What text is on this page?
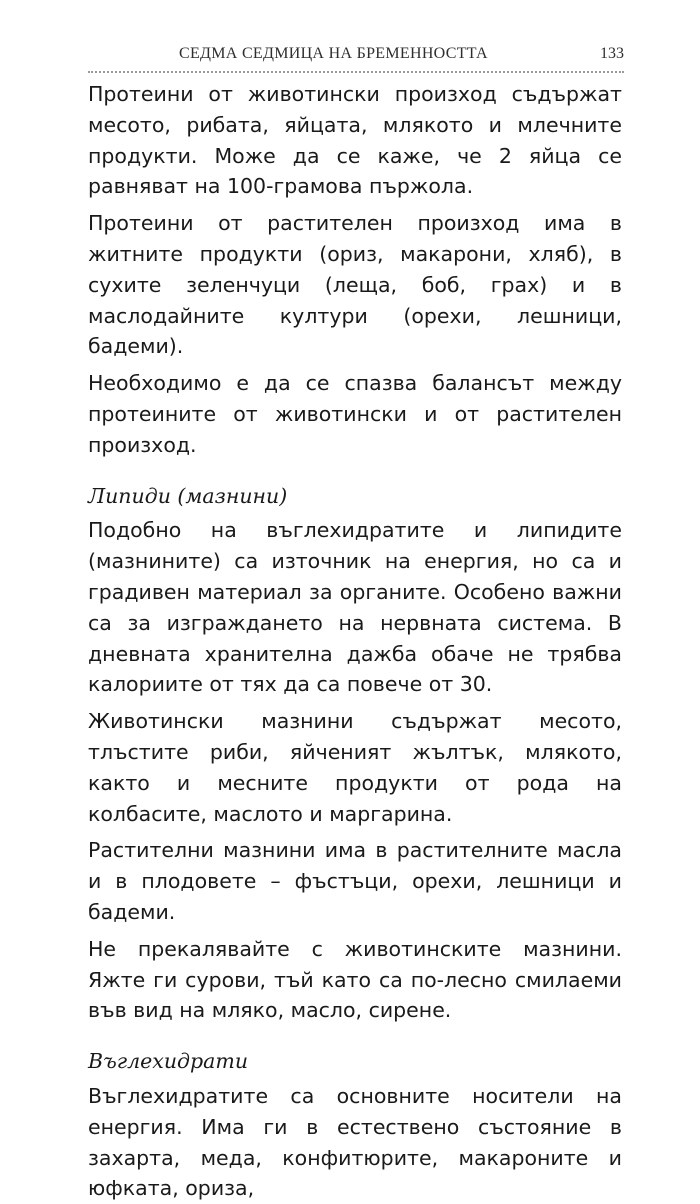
СЕДМА СЕДМИЦА НА БРЕМЕННОСТТА	133

Протеини от животински произход съдържат месото, рибата, яйцата, млякото и млечните продукти. Може да се каже, че 2 яйца се равняват на 100-грамова пържола.

Протеини от растителен произход има в житните продукти (ориз, макарони, хляб), в сухите зеленчуци (леща, боб, грах) и в маслодайните култури (орехи, лешници, бадеми).

Необходимо е да се спазва балансът между протеините от животински и от растителен произход.

Липиди (мазнини)

Подобно на въглехидратите и липидите (мазнините) са източник на енергия, но са и градивен материал за органите. Особено важни са за изграждането на нервната система. В дневната хранителна дажба обаче не трябва калориите от тях да са повече от 30.

Животински мазнини съдържат месото, тлъстите риби, яйченият жълтък, млякото, както и месните продукти от рода на колбасите, маслото и маргарина.

Растителни мазнини има в растителните масла и в плодовете – фъстъци, орехи, лешници и бадеми.

Не прекалявайте с животинските мазнини. Яжте ги сурови, тъй като са по-лесно смилаеми във вид на мляко, масло, сирене.

Въглехидрати

Въглехидратите са основните носители на енергия. Има ги в естествено състояние в захарта, меда, конфитюрите, макароните и юфката, ориза,
